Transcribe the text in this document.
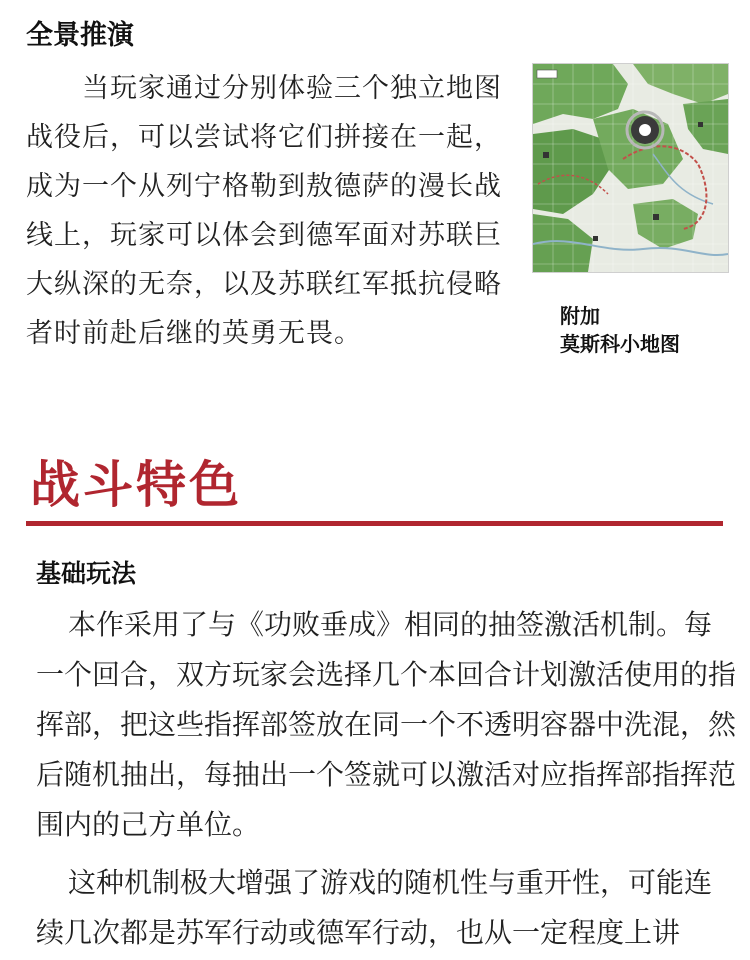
全景推演

当玩家通过分别体验三个独立地图战役后，可以尝试将它们拼接在一起，成为一个从列宁格勒到敖德萨的漫长战线上，玩家可以体会到德军面对苏联巨大纵深的无奈，以及苏联红军抵抗侵略者时前赴后继的英勇无畏。

附加
莫斯科小地图
战斗特色
基础玩法

本作采用了与《功败垂成》相同的抽签激活机制。每一个回合，双方玩家会选择几个本回合计划激活使用的指挥部，把这些指挥部签放在同一个不透明容器中洗混，然后随机抽出，每抽出一个签就可以激活对应指挥部指挥范围内的己方单位。

这种机制极大增强了游戏的随机性与重开性，可能连续几次都是苏军行动或德军行动，也从一定程度上讲
